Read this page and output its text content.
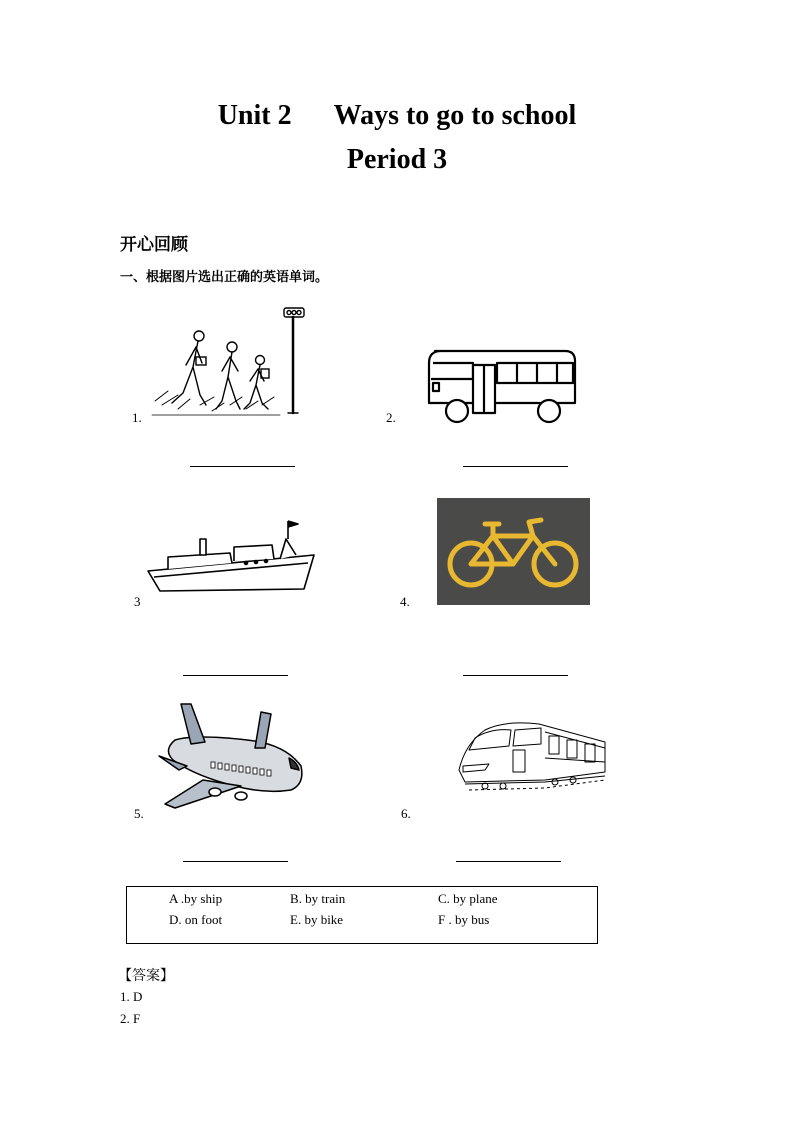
Unit 2 Ways to go to school
Period 3
开心回顾
一、根据图片选出正确的英语单词。
1.	2.
3	4.
5.	6.
A .by ship	B. by train	C. by plane
D. on foot	E. by bike	F . by bus
【答案】
1. D
2. F
